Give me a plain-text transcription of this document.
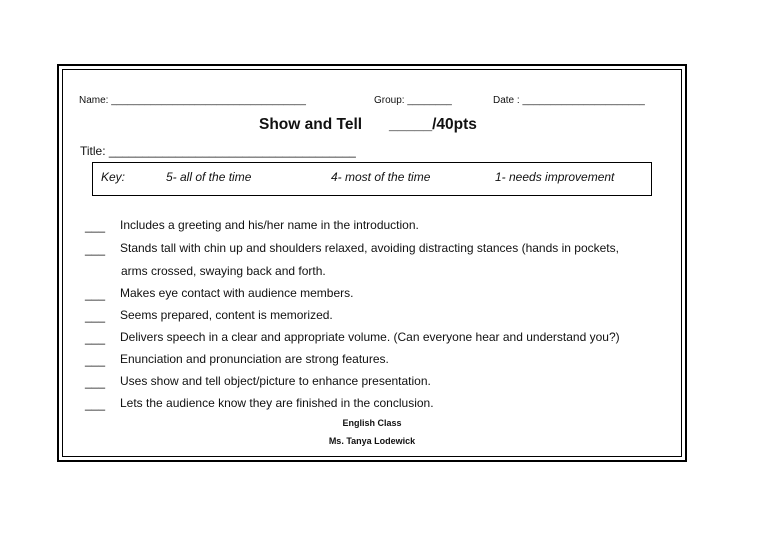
Name: ___________________________________	Group: ________	Date : ______________________
Show and Tell _____/40pts
Title: _____________________________________
Key:	5- all of the time	4- most of the time	1- needs improvement
___ Includes a greeting and his/her name in the introduction.
___ Stands tall with chin up and shoulders relaxed, avoiding distracting stances (hands in pockets,
arms crossed, swaying back and forth.
___ Makes eye contact with audience members.
___ Seems prepared, content is memorized.
___ Delivers speech in a clear and appropriate volume. (Can everyone hear and understand you?)
___ Enunciation and pronunciation are strong features.
___ Uses show and tell object/picture to enhance presentation.
___ Lets the audience know they are finished in the conclusion.
English Class
Ms. Tanya Lodewick
